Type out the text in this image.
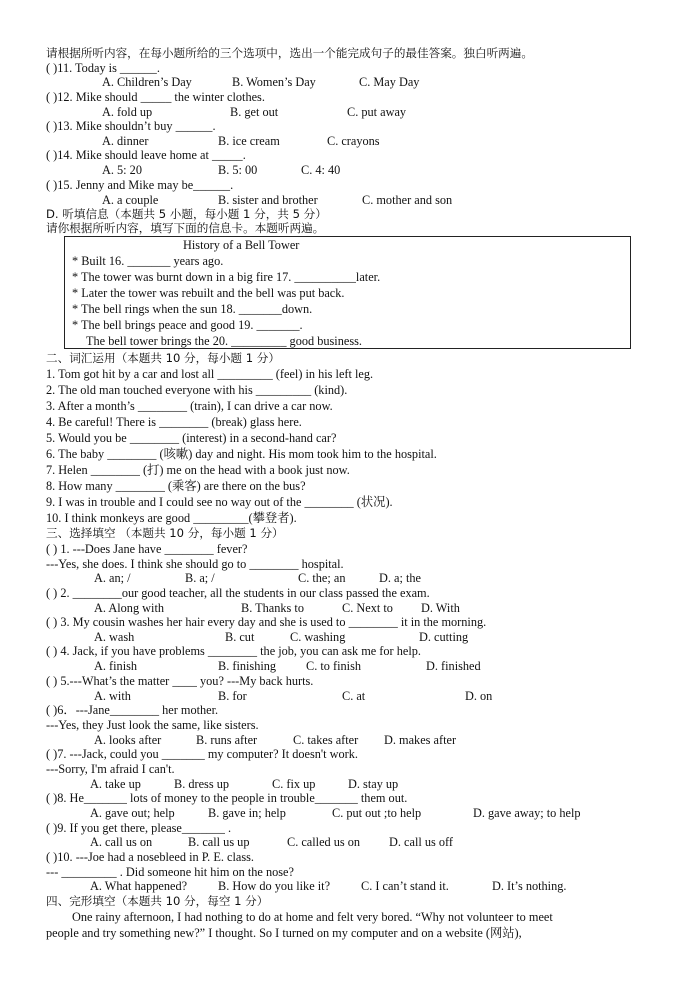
请根据所听内容，在每小题所给的三个选项中，选出一个能完成句子的最佳答案。独白听两遍。
( )11. Today is ______.
A. Children’s Day	B. Women’s Day	C. May Day
( )12. Mike should _____ the winter clothes.
A. fold up	B. get out	C. put away
( )13. Mike shouldn’t buy ______.
A. dinner	B. ice cream	C. crayons
( )14. Mike should leave home at _____.
A. 5: 20	B. 5: 00	C. 4: 40
( )15. Jenny and Mike may be______.
A. a couple	B. sister and brother	C. mother and son
D. 听填信息（本题共 5 小题，每小题 1 分，共 5 分）
请你根据所听内容，填写下面的信息卡。本题听两遍。
History of a Bell Tower
* Built 16. _______ years ago.
* The tower was burnt down in a big fire 17. __________later.
* Later the tower was rebuilt and the bell was put back.
* The bell rings when the sun 18. _______down.
* The bell brings peace and good 19. _______.
The bell tower brings the 20. _________ good business.
二、词汇运用（本题共 10 分，每小题 1 分）
1. Tom got hit by a car and lost all _________ (feel) in his left leg.
2. The old man touched everyone with his _________ (kind).
3. After a month’s ________ (train), I can drive a car now.
4. Be careful! There is ________ (break) glass here.
5. Would you be ________ (interest) in a second-hand car?
6. The baby ________ (咳嗽) day and night. His mom took him to the hospital.
7. Helen ________ (打) me on the head with a book just now.
8. How many ________ (乘客) are there on the bus?
9. I was in trouble and I could see no way out of the ________ (状况).
10. I think monkeys are good _________(攀登者).
三、选择填空 （本题共 10 分，每小题 1 分）
( ) 1. ---Does Jane have ________ fever?
---Yes, she does. I think she should go to ________ hospital.
A. an; /	B. a; /	C. the; an	D. a; the
( ) 2. ________our good teacher, all the students in our class passed the exam.
A. Along with	B. Thanks to	C. Next to D. With
( ) 3. My cousin washes her hair every day and she is used to ________ it in the morning.
A. wash	B. cut	C. washing	D. cutting
( ) 4. Jack, if you have problems ________ the job, you can ask me for help.
A. finish	B. finishing C. to finish	D. finished
( ) 5.---What’s the matter ____ you? ---My back hurts.
A. with	B. for	C. at	D. on
( )6．---Jane________ her mother.
---Yes, they Just look the same, like sisters.
A. looks after	B. runs after	C. takes after D. makes after
( )7. ---Jack, could you _______ my computer? It doesn't work.
---Sorry, I'm afraid I can't.
A. take up	B. dress up	C. fix up	D. stay up
( )8. He_______ lots of money to the people in trouble_______ them out.
A. gave out; help	B. gave in; help	C. put out ;to help	D. gave away; to help
( )9. If you get there, please_______ .
A. call us on	B. call us up	C. called us on D. call us off
( )10. ---Joe had a nosebleed in P. E. class.
--- _________ . Did someone hit him on the nose?
A. What happened?	B. How do you like it?	C. I can’t stand it.	D. It’s nothing.
四、完形填空（本题共 10 分，每空 1 分）
One rainy afternoon, I had nothing to do at home and felt very bored. “Why not volunteer to meet
people and try something new?” I thought. So I turned on my computer and on a website (网站),
